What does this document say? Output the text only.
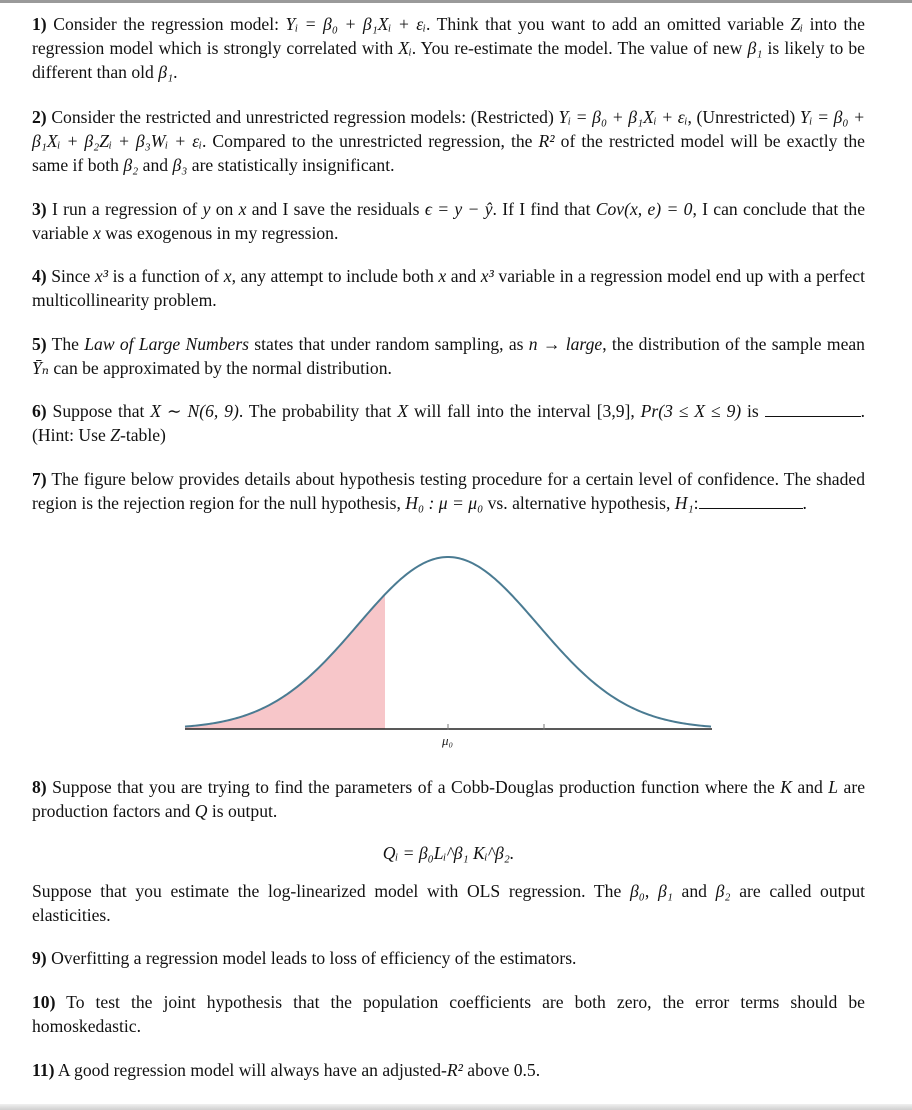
1) Consider the regression model: Yᵢ = β₀ + β₁Xᵢ + εᵢ. Think that you want to add an omitted variable Zᵢ into the regression model which is strongly correlated with Xᵢ. You re-estimate the model. The value of new β₁ is likely to be different than old β₁.
2) Consider the restricted and unrestricted regression models: (Restricted) Yᵢ = β₀ + β₁Xᵢ + εᵢ, (Unrestricted) Yᵢ = β₀ + β₁Xᵢ + β₂Zᵢ + β₃Wᵢ + εᵢ. Compared to the unrestricted regression, the R² of the restricted model will be exactly the same if both β₂ and β₃ are statistically insignificant.
3) I run a regression of y on x and I save the residuals ϵ = y − ŷ. If I find that Cov(x, e) = 0, I can conclude that the variable x was exogenous in my regression.
4) Since x³ is a function of x, any attempt to include both x and x³ variable in a regression model end up with a perfect multicollinearity problem.
5) The Law of Large Numbers states that under random sampling, as n → large, the distribution of the sample mean Ȳₙ can be approximated by the normal distribution.
6) Suppose that X ∼ N(6, 9). The probability that X will fall into the interval [3,9], Pr(3 ≤ X ≤ 9) is	. (Hint: Use Z-table)
7) The figure below provides details about hypothesis testing procedure for a certain level of confidence. The shaded region is the rejection region for the null hypothesis, H₀ : μ = μ₀ vs. alternative hypothesis, H₁:	.
μ₀
8) Suppose that you are trying to find the parameters of a Cobb-Douglas production function where the K and L are production factors and Q is output.
Qᵢ = β₀Lᵢ^β₁ Kᵢ^β₂.
Suppose that you estimate the log-linearized model with OLS regression. The β₀, β₁ and β₂ are called output elasticities.
9) Overfitting a regression model leads to loss of efficiency of the estimators.
10) To test the joint hypothesis that the population coefficients are both zero, the error terms should be homoskedastic.
11) A good regression model will always have an adjusted-R² above 0.5.
